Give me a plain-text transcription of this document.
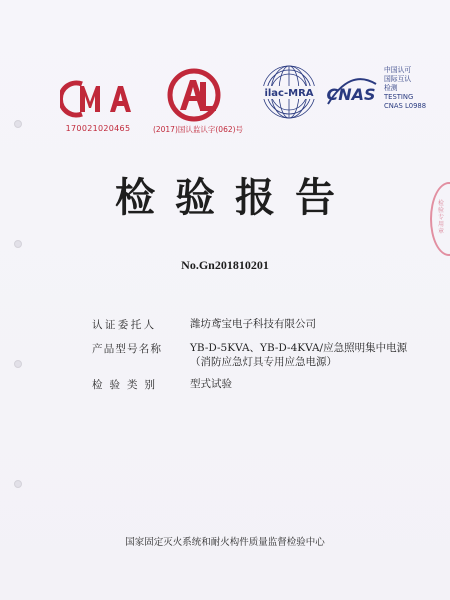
检验专用章
170021020465	(2017)国认监认字(062)号
ilac-MRA CNAS
中国认可
国际互认
检测
TESTING
CNAS L0988
检验报告
No.Gn201810201
认证委托人	潍坊鸢宝电子科技有限公司
产品型号名称	YB-D-5KVA、YB-D-4KVA/应急照明集中电源
（消防应急灯具专用应急电源）
检验类别	型式试验
国家固定灭火系统和耐火构件质量监督检验中心
